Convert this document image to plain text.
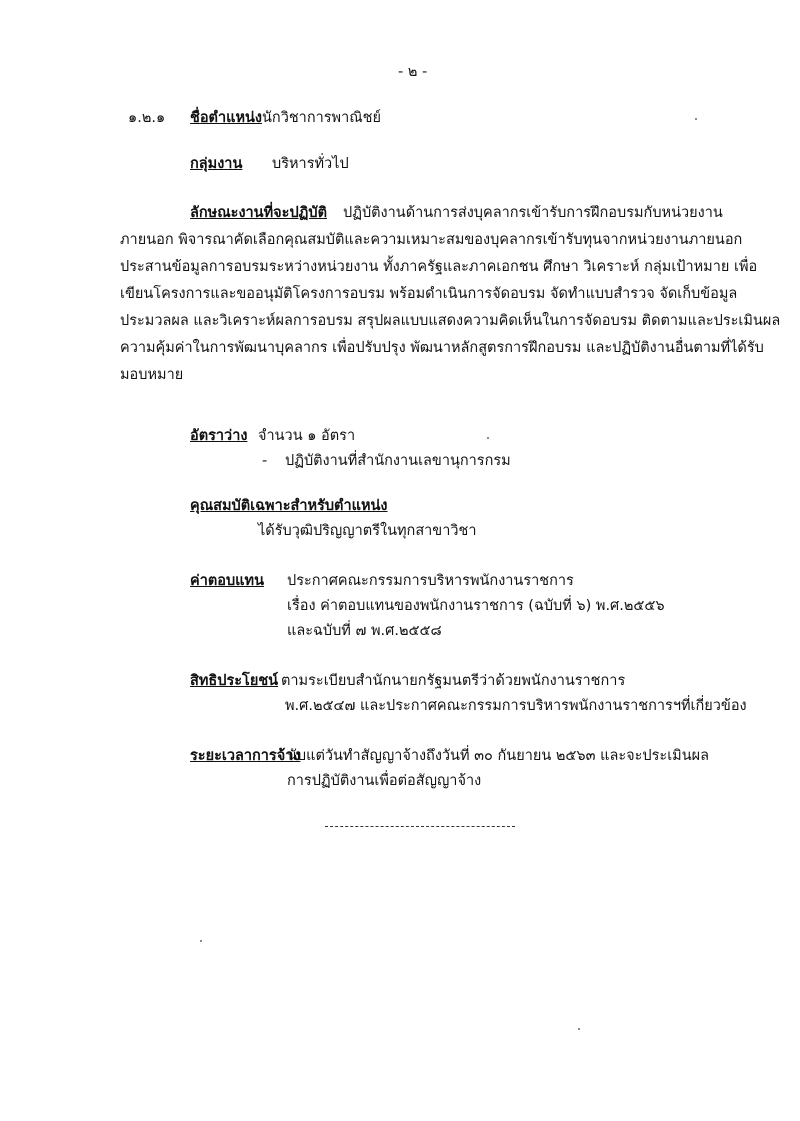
- ๒ -
๑.๒.๑ ชื่อตำแหน่ง นักวิชาการพาณิชย์
กลุ่มงาน บริหารทั่วไป
ลักษณะงานที่จะปฏิบัติ ปฏิบัติงานด้านการส่งบุคลากรเข้ารับการฝึกอบรมกับหน่วยงาน
ภายนอก พิจารณาคัดเลือกคุณสมบัติและความเหมาะสมของบุคลากรเข้ารับทุนจากหน่วยงานภายนอก
ประสานข้อมูลการอบรมระหว่างหน่วยงาน ทั้งภาครัฐและภาคเอกชน ศึกษา วิเคราะห์ กลุ่มเป้าหมาย เพื่อ
เขียนโครงการและขออนุมัติโครงการอบรม พร้อมดำเนินการจัดอบรม จัดทำแบบสำรวจ จัดเก็บข้อมูล
ประมวลผล และวิเคราะห์ผลการอบรม สรุปผลแบบแสดงความคิดเห็นในการจัดอบรม ติดตามและประเมินผล
ความคุ้มค่าในการพัฒนาบุคลากร เพื่อปรับปรุง พัฒนาหลักสูตรการฝึกอบรม และปฏิบัติงานอื่นตามที่ได้รับ
มอบหมาย
อัตราว่าง จำนวน ๑ อัตรา
- ปฏิบัติงานที่สำนักงานเลขานุการกรม
คุณสมบัติเฉพาะสำหรับตำแหน่ง
ได้รับวุฒิปริญญาตรีในทุกสาขาวิชา
ค่าตอบแทน ประกาศคณะกรรมการบริหารพนักงานราชการ
เรื่อง ค่าตอบแทนของพนักงานราชการ (ฉบับที่ ๖) พ.ศ.๒๕๕๖
และฉบับที่ ๗ พ.ศ.๒๕๕๘
สิทธิประโยชน์ ตามระเบียบสำนักนายกรัฐมนตรีว่าด้วยพนักงานราชการ
พ.ศ.๒๕๔๗ และประกาศคณะกรรมการบริหารพนักงานราชการฯที่เกี่ยวข้อง
ระยะเวลาการจ้าง
นับแต่วันทำสัญญาจ้างถึงวันที่ ๓๐ กันยายน ๒๕๖๓ และจะประเมินผล
การปฏิบัติงานเพื่อต่อสัญญาจ้าง
